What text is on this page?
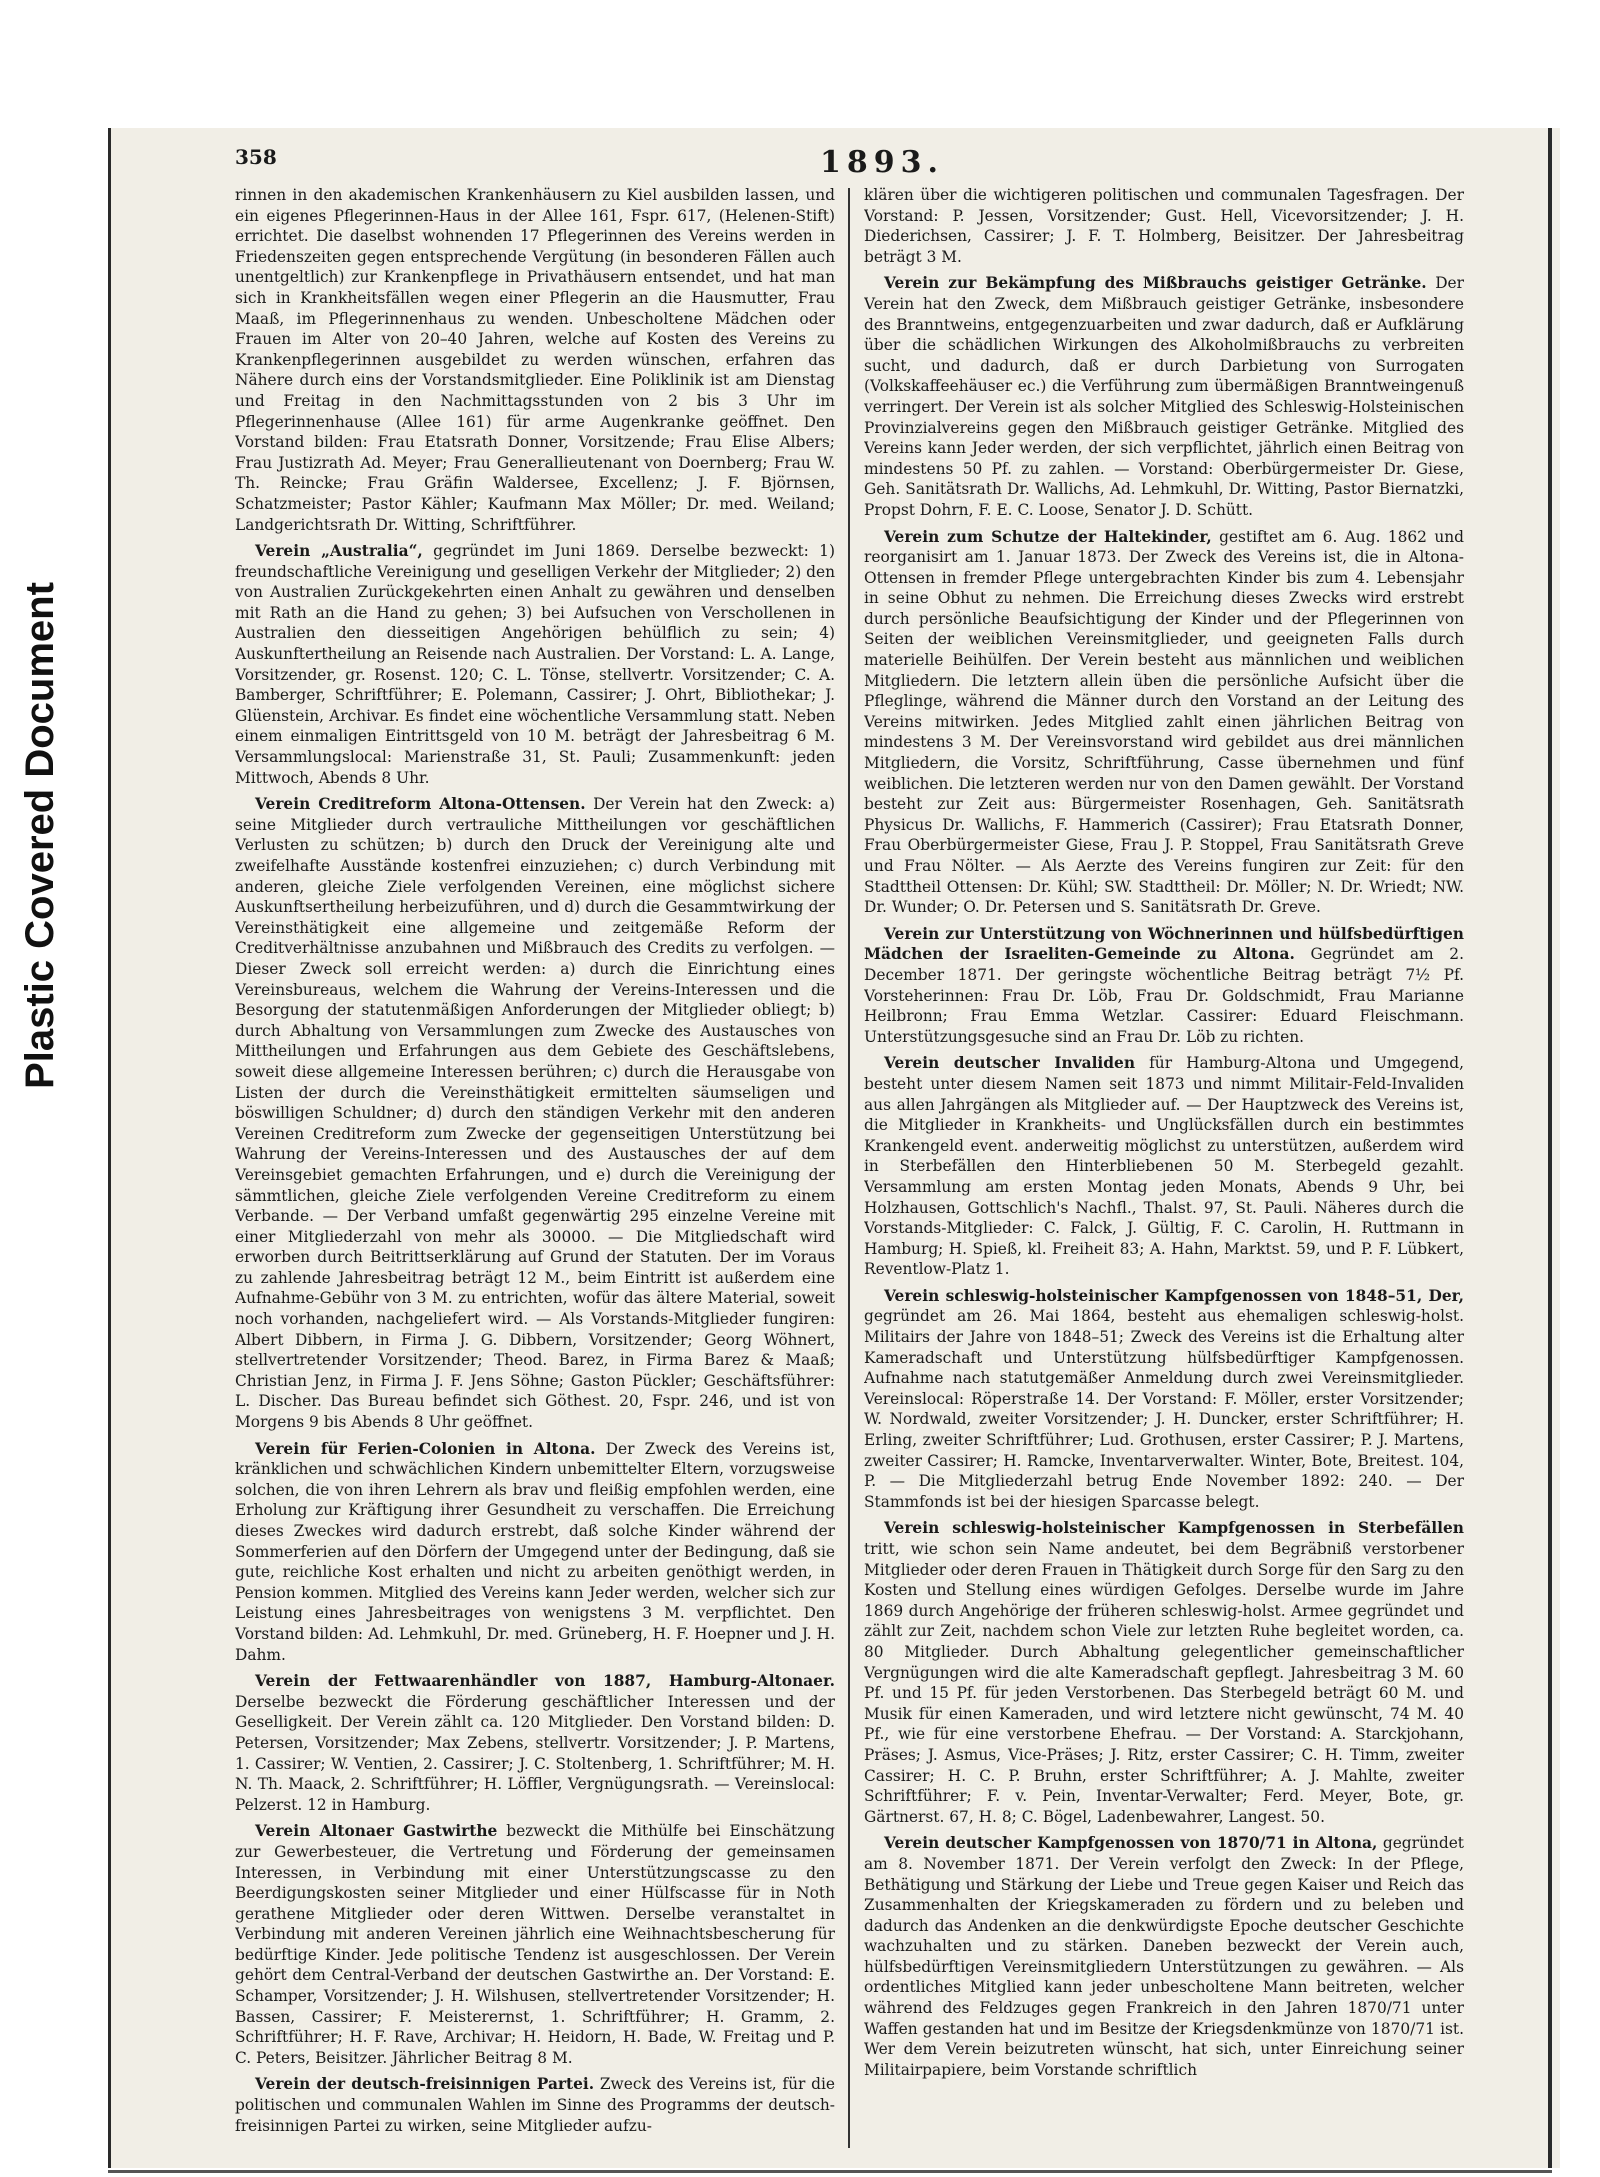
Plastic Covered Document
358	1893.

rinnen in den akademischen Krankenhäusern zu Kiel ausbilden lassen, und ein eigenes Pflegerinnen-Haus in der Allee 161, Fspr. 617, (Helenen-Stift) errichtet. Die daselbst wohnenden 17 Pflegerinnen des Vereins werden in Friedenszeiten gegen entsprechende Vergütung (in besonderen Fällen auch unentgeltlich) zur Krankenpflege in Privathäusern entsendet, und hat man sich in Krankheitsfällen wegen einer Pflegerin an die Hausmutter, Frau Maaß, im Pflegerinnenhaus zu wenden. Unbescholtene Mädchen oder Frauen im Alter von 20–40 Jahren, welche auf Kosten des Vereins zu Krankenpflegerinnen ausgebildet zu werden wünschen, erfahren das Nähere durch eins der Vorstandsmitglieder. Eine Poliklinik ist am Dienstag und Freitag in den Nachmittagsstunden von 2 bis 3 Uhr im Pflegerinnenhause (Allee 161) für arme Augenkranke geöffnet. Den Vorstand bilden: Frau Etatsrath Donner, Vorsitzende; Frau Elise Albers; Frau Justizrath Ad. Meyer; Frau Generallieutenant von Doernberg; Frau W. Th. Reincke; Frau Gräfin Waldersee, Excellenz; J. F. Björnsen, Schatzmeister; Pastor Kähler; Kaufmann Max Möller; Dr. med. Weiland; Landgerichtsrath Dr. Witting, Schriftführer.

Verein „Australia“, gegründet im Juni 1869. Derselbe bezweckt: 1) freundschaftliche Vereinigung und geselligen Verkehr der Mitglieder; 2) den von Australien Zurückgekehrten einen Anhalt zu gewähren und denselben mit Rath an die Hand zu gehen; 3) bei Aufsuchen von Verschollenen in Australien den diesseitigen Angehörigen behülflich zu sein; 4) Auskunftertheilung an Reisende nach Australien. Der Vorstand: L. A. Lange, Vorsitzender, gr. Rosenst. 120; C. L. Tönse, stellvertr. Vorsitzender; C. A. Bamberger, Schriftführer; E. Polemann, Cassirer; J. Ohrt, Bibliothekar; J. Glüenstein, Archivar. Es findet eine wöchentliche Versammlung statt. Neben einem einmaligen Eintrittsgeld von 10 M. beträgt der Jahresbeitrag 6 M. Versammlungslocal: Marienstraße 31, St. Pauli; Zusammenkunft: jeden Mittwoch, Abends 8 Uhr.

Verein Creditreform Altona-Ottensen. Der Verein hat den Zweck: a) seine Mitglieder durch vertrauliche Mittheilungen vor geschäftlichen Verlusten zu schützen; b) durch den Druck der Vereinigung alte und zweifelhafte Ausstände kostenfrei einzuziehen; c) durch Verbindung mit anderen, gleiche Ziele verfolgenden Vereinen, eine möglichst sichere Auskunftsertheilung herbeizuführen, und d) durch die Gesammtwirkung der Vereinsthätigkeit eine allgemeine und zeitgemäße Reform der Creditverhältnisse anzubahnen und Mißbrauch des Credits zu verfolgen. — Dieser Zweck soll erreicht werden: a) durch die Einrichtung eines Vereinsbureaus, welchem die Wahrung der Vereins-Interessen und die Besorgung der statutenmäßigen Anforderungen der Mitglieder obliegt; b) durch Abhaltung von Versammlungen zum Zwecke des Austausches von Mittheilungen und Erfahrungen aus dem Gebiete des Geschäftslebens, soweit diese allgemeine Interessen berühren; c) durch die Herausgabe von Listen der durch die Vereinsthätigkeit ermittelten säumseligen und böswilligen Schuldner; d) durch den ständigen Verkehr mit den anderen Vereinen Creditreform zum Zwecke der gegenseitigen Unterstützung bei Wahrung der Vereins-Interessen und des Austausches der auf dem Vereinsgebiet gemachten Erfahrungen, und e) durch die Vereinigung der sämmtlichen, gleiche Ziele verfolgenden Vereine Creditreform zu einem Verbande. — Der Verband umfaßt gegenwärtig 295 einzelne Vereine mit einer Mitgliederzahl von mehr als 30000. — Die Mitgliedschaft wird erworben durch Beitrittserklärung auf Grund der Statuten. Der im Voraus zu zahlende Jahresbeitrag beträgt 12 M., beim Eintritt ist außerdem eine Aufnahme-Gebühr von 3 M. zu entrichten, wofür das ältere Material, soweit noch vorhanden, nachgeliefert wird. — Als Vorstands-Mitglieder fungiren: Albert Dibbern, in Firma J. G. Dibbern, Vorsitzender; Georg Wöhnert, stellvertretender Vorsitzender; Theod. Barez, in Firma Barez & Maaß; Christian Jenz, in Firma J. F. Jens Söhne; Gaston Pückler; Geschäftsführer: L. Discher. Das Bureau befindet sich Göthest. 20, Fspr. 246, und ist von Morgens 9 bis Abends 8 Uhr geöffnet.

Verein für Ferien-Colonien in Altona. Der Zweck des Vereins ist, kränklichen und schwächlichen Kindern unbemittelter Eltern, vorzugsweise solchen, die von ihren Lehrern als brav und fleißig empfohlen werden, eine Erholung zur Kräftigung ihrer Gesundheit zu verschaffen. Die Erreichung dieses Zweckes wird dadurch erstrebt, daß solche Kinder während der Sommerferien auf den Dörfern der Umgegend unter der Bedingung, daß sie gute, reichliche Kost erhalten und nicht zu arbeiten genöthigt werden, in Pension kommen. Mitglied des Vereins kann Jeder werden, welcher sich zur Leistung eines Jahresbeitrages von wenigstens 3 M. verpflichtet. Den Vorstand bilden: Ad. Lehmkuhl, Dr. med. Grüneberg, H. F. Hoepner und J. H. Dahm.

Verein der Fettwaarenhändler von 1887, Hamburg-Altonaer. Derselbe bezweckt die Förderung geschäftlicher Interessen und der Geselligkeit. Der Verein zählt ca. 120 Mitglieder. Den Vorstand bilden: D. Petersen, Vorsitzender; Max Zebens, stellvertr. Vorsitzender; J. P. Martens, 1. Cassirer; W. Ventien, 2. Cassirer; J. C. Stoltenberg, 1. Schriftführer; M. H. N. Th. Maack, 2. Schriftführer; H. Löffler, Vergnügungsrath. — Vereinslocal: Pelzerst. 12 in Hamburg.

Verein Altonaer Gastwirthe bezweckt die Mithülfe bei Einschätzung zur Gewerbesteuer, die Vertretung und Förderung der gemeinsamen Interessen, in Verbindung mit einer Unterstützungscasse zu den Beerdigungskosten seiner Mitglieder und einer Hülfscasse für in Noth gerathene Mitglieder oder deren Wittwen. Derselbe veranstaltet in Verbindung mit anderen Vereinen jährlich eine Weihnachtsbescherung für bedürftige Kinder. Jede politische Tendenz ist ausgeschlossen. Der Verein gehört dem Central-Verband der deutschen Gastwirthe an. Der Vorstand: E. Schamper, Vorsitzender; J. H. Wilshusen, stellvertretender Vorsitzender; H. Bassen, Cassirer; F. Meisterernst, 1. Schriftführer; H. Gramm, 2. Schriftführer; H. F. Rave, Archivar; H. Heidorn, H. Bade, W. Freitag und P. C. Peters, Beisitzer. Jährlicher Beitrag 8 M.

Verein der deutsch-freisinnigen Partei. Zweck des Vereins ist, für die politischen und communalen Wahlen im Sinne des Programms der deutsch-freisinnigen Partei zu wirken, seine Mitglieder aufzu-

klären über die wichtigeren politischen und communalen Tagesfragen. Der Vorstand: P. Jessen, Vorsitzender; Gust. Hell, Vicevorsitzender; J. H. Diederichsen, Cassirer; J. F. T. Holmberg, Beisitzer. Der Jahresbeitrag beträgt 3 M.

Verein zur Bekämpfung des Mißbrauchs geistiger Getränke. Der Verein hat den Zweck, dem Mißbrauch geistiger Getränke, insbesondere des Branntweins, entgegenzuarbeiten und zwar dadurch, daß er Aufklärung über die schädlichen Wirkungen des Alkoholmißbrauchs zu verbreiten sucht, und dadurch, daß er durch Darbietung von Surrogaten (Volkskaffeehäuser ec.) die Verführung zum übermäßigen Branntweingenuß verringert. Der Verein ist als solcher Mitglied des Schleswig-Holsteinischen Provinzialvereins gegen den Mißbrauch geistiger Getränke. Mitglied des Vereins kann Jeder werden, der sich verpflichtet, jährlich einen Beitrag von mindestens 50 Pf. zu zahlen. — Vorstand: Oberbürgermeister Dr. Giese, Geh. Sanitätsrath Dr. Wallichs, Ad. Lehmkuhl, Dr. Witting, Pastor Biernatzki, Propst Dohrn, F. E. C. Loose, Senator J. D. Schütt.

Verein zum Schutze der Haltekinder, gestiftet am 6. Aug. 1862 und reorganisirt am 1. Januar 1873. Der Zweck des Vereins ist, die in Altona-Ottensen in fremder Pflege untergebrachten Kinder bis zum 4. Lebensjahr in seine Obhut zu nehmen. Die Erreichung dieses Zwecks wird erstrebt durch persönliche Beaufsichtigung der Kinder und der Pflegerinnen von Seiten der weiblichen Vereinsmitglieder, und geeigneten Falls durch materielle Beihülfen. Der Verein besteht aus männlichen und weiblichen Mitgliedern. Die letztern allein üben die persönliche Aufsicht über die Pfleglinge, während die Männer durch den Vorstand an der Leitung des Vereins mitwirken. Jedes Mitglied zahlt einen jährlichen Beitrag von mindestens 3 M. Der Vereinsvorstand wird gebildet aus drei männlichen Mitgliedern, die Vorsitz, Schriftführung, Casse übernehmen und fünf weiblichen. Die letzteren werden nur von den Damen gewählt. Der Vorstand besteht zur Zeit aus: Bürgermeister Rosenhagen, Geh. Sanitätsrath Physicus Dr. Wallichs, F. Hammerich (Cassirer); Frau Etatsrath Donner, Frau Oberbürgermeister Giese, Frau J. P. Stoppel, Frau Sanitätsrath Greve und Frau Nölter. — Als Aerzte des Vereins fungiren zur Zeit: für den Stadttheil Ottensen: Dr. Kühl; SW. Stadttheil: Dr. Möller; N. Dr. Wriedt; NW. Dr. Wunder; O. Dr. Petersen und S. Sanitätsrath Dr. Greve.

Verein zur Unterstützung von Wöchnerinnen und hülfsbedürftigen Mädchen der Israeliten-Gemeinde zu Altona. Gegründet am 2. December 1871. Der geringste wöchentliche Beitrag beträgt 7½ Pf. Vorsteherinnen: Frau Dr. Löb, Frau Dr. Goldschmidt, Frau Marianne Heilbronn; Frau Emma Wetzlar. Cassirer: Eduard Fleischmann. Unterstützungsgesuche sind an Frau Dr. Löb zu richten.

Verein deutscher Invaliden für Hamburg-Altona und Umgegend, besteht unter diesem Namen seit 1873 und nimmt Militair-Feld-Invaliden aus allen Jahrgängen als Mitglieder auf. — Der Hauptzweck des Vereins ist, die Mitglieder in Krankheits- und Unglücksfällen durch ein bestimmtes Krankengeld event. anderweitig möglichst zu unterstützen, außerdem wird in Sterbefällen den Hinterbliebenen 50 M. Sterbegeld gezahlt. Versammlung am ersten Montag jeden Monats, Abends 9 Uhr, bei Holzhausen, Gottschlich's Nachfl., Thalst. 97, St. Pauli. Näheres durch die Vorstands-Mitglieder: C. Falck, J. Gültig, F. C. Carolin, H. Ruttmann in Hamburg; H. Spieß, kl. Freiheit 83; A. Hahn, Marktst. 59, und P. F. Lübkert, Reventlow-Platz 1.

Verein schleswig-holsteinischer Kampfgenossen von 1848–51, Der, gegründet am 26. Mai 1864, besteht aus ehemaligen schleswig-holst. Militairs der Jahre von 1848–51; Zweck des Vereins ist die Erhaltung alter Kameradschaft und Unterstützung hülfsbedürftiger Kampfgenossen. Aufnahme nach statutgemäßer Anmeldung durch zwei Vereinsmitglieder. Vereinslocal: Röperstraße 14. Der Vorstand: F. Möller, erster Vorsitzender; W. Nordwald, zweiter Vorsitzender; J. H. Duncker, erster Schriftführer; H. Erling, zweiter Schriftführer; Lud. Grothusen, erster Cassirer; P. J. Martens, zweiter Cassirer; H. Ramcke, Inventarverwalter. Winter, Bote, Breitest. 104, P. — Die Mitgliederzahl betrug Ende November 1892: 240. — Der Stammfonds ist bei der hiesigen Sparcasse belegt.

Verein schleswig-holsteinischer Kampfgenossen in Sterbefällen tritt, wie schon sein Name andeutet, bei dem Begräbniß verstorbener Mitglieder oder deren Frauen in Thätigkeit durch Sorge für den Sarg zu den Kosten und Stellung eines würdigen Gefolges. Derselbe wurde im Jahre 1869 durch Angehörige der früheren schleswig-holst. Armee gegründet und zählt zur Zeit, nachdem schon Viele zur letzten Ruhe begleitet worden, ca. 80 Mitglieder. Durch Abhaltung gelegentlicher gemeinschaftlicher Vergnügungen wird die alte Kameradschaft gepflegt. Jahresbeitrag 3 M. 60 Pf. und 15 Pf. für jeden Verstorbenen. Das Sterbegeld beträgt 60 M. und Musik für einen Kameraden, und wird letztere nicht gewünscht, 74 M. 40 Pf., wie für eine verstorbene Ehefrau. — Der Vorstand: A. Starckjohann, Präses; J. Asmus, Vice-Präses; J. Ritz, erster Cassirer; C. H. Timm, zweiter Cassirer; H. C. P. Bruhn, erster Schriftführer; A. J. Mahlte, zweiter Schriftführer; F. v. Pein, Inventar-Verwalter; Ferd. Meyer, Bote, gr. Gärtnerst. 67, H. 8; C. Bögel, Ladenbewahrer, Langest. 50.

Verein deutscher Kampfgenossen von 1870/71 in Altona, gegründet am 8. November 1871. Der Verein verfolgt den Zweck: In der Pflege, Bethätigung und Stärkung der Liebe und Treue gegen Kaiser und Reich das Zusammenhalten der Kriegskameraden zu fördern und zu beleben und dadurch das Andenken an die denkwürdigste Epoche deutscher Geschichte wachzuhalten und zu stärken. Daneben bezweckt der Verein auch, hülfsbedürftigen Vereinsmitgliedern Unterstützungen zu gewähren. — Als ordentliches Mitglied kann jeder unbescholtene Mann beitreten, welcher während des Feldzuges gegen Frankreich in den Jahren 1870/71 unter Waffen gestanden hat und im Besitze der Kriegsdenkmünze von 1870/71 ist. Wer dem Verein beizutreten wünscht, hat sich, unter Einreichung seiner Militairpapiere, beim Vorstande schriftlich
